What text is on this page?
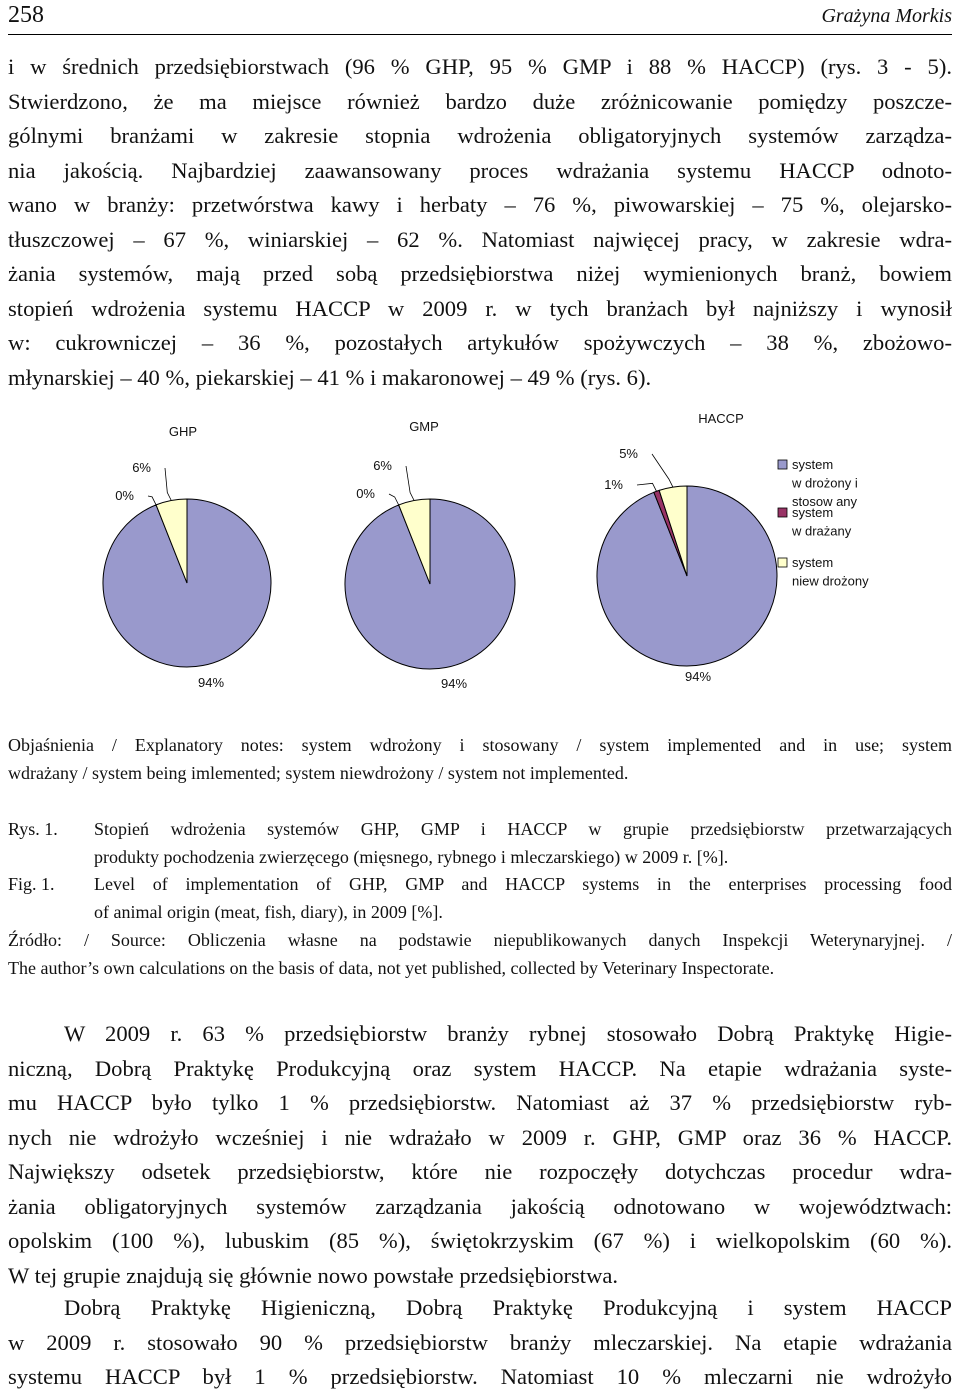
258	Grażyna Morkis
i w średnich przedsiębiorstwach (96 % GHP, 95 % GMP i 88 % HACCP) (rys. 3 - 5).
Stwierdzono, że ma miejsce również bardzo duże zróżnicowanie pomiędzy poszcze-
gólnymi branżami w zakresie stopnia wdrożenia obligatoryjnych systemów zarządza-
nia jakością. Najbardziej zaawansowany proces wdrażania systemu HACCP odnoto-
wano w branży: przetwórstwa kawy i herbaty – 76 %, piwowarskiej – 75 %, olejarsko-
tłuszczowej – 67 %, winiarskiej – 62 %. Natomiast najwięcej pracy, w zakresie wdra-
żania systemów, mają przed sobą przedsiębiorstwa niżej wymienionych branż, bowiem
stopień wdrożenia systemu HACCP w 2009 r. w tych branżach był najniższy i wynosił
w: cukrowniczej – 36 %, pozostałych artykułów spożywczych – 38 %, zbożowo-
młynarskiej – 40 %, piekarskiej – 41 % i makaronowej – 49 % (rys. 6).
GHP
0%
6%
94%
GMP
0%
6%
94%
HACCP
1%
5%
94%
system
w drożony i
stosow any
system
w drażany
system
niew drożony
Objaśnienia / Explanatory notes: system wdrożony i stosowany / system implemented and in use; system
wdrażany / system being imlemented; system niewdrożony / system not implemented.
Rys. 1. Stopień wdrożenia systemów GHP, GMP i HACCP w grupie przedsiębiorstw przetwarzających
produkty pochodzenia zwierzęcego (mięsnego, rybnego i mleczarskiego) w 2009 r. [%].
Fig. 1. Level of implementation of GHP, GMP and HACCP systems in the enterprises processing food
of animal origin (meat, fish, diary), in 2009 [%].
Źródło: / Source: Obliczenia własne na podstawie niepublikowanych danych Inspekcji Weterynaryjnej. /
The author’s own calculations on the basis of data, not yet published, collected by Veterinary Inspectorate.
W 2009 r. 63 % przedsiębiorstw branży rybnej stosowało Dobrą Praktykę Higie-
niczną, Dobrą Praktykę Produkcyjną oraz system HACCP. Na etapie wdrażania syste-
mu HACCP było tylko 1 % przedsiębiorstw. Natomiast aż 37 % przedsiębiorstw ryb-
nych nie wdrożyło wcześniej i nie wdrażało w 2009 r. GHP, GMP oraz 36 % HACCP.
Największy odsetek przedsiębiorstw, które nie rozpoczęły dotychczas procedur wdra-
żania obligatoryjnych systemów zarządzania jakością odnotowano w województwach:
opolskim (100 %), lubuskim (85 %), świętokrzyskim (67 %) i wielkopolskim (60 %).
W tej grupie znajdują się głównie nowo powstałe przedsiębiorstwa.
Dobrą Praktykę Higieniczną, Dobrą Praktykę Produkcyjną i system HACCP
w 2009 r. stosowało 90 % przedsiębiorstw branży mleczarskiej. Na etapie wdrażania
systemu HACCP był 1 % przedsiębiorstw. Natomiast 10 % mleczarni nie wdrożyło
